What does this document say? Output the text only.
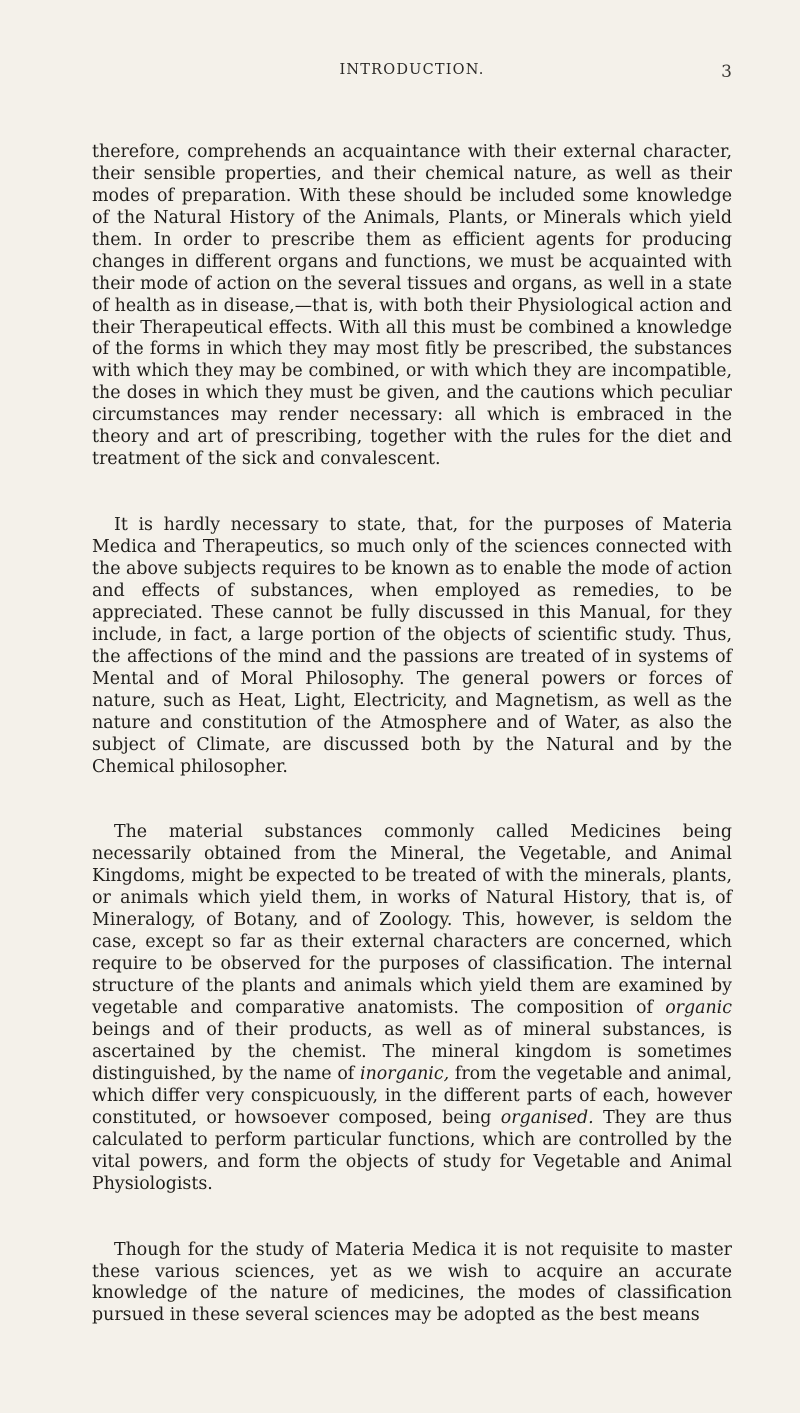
INTRODUCTION.	3

therefore, comprehends an acquaintance with their external character, their sensible properties, and their chemical nature, as well as their modes of preparation. With these should be included some knowledge of the Natural History of the Animals, Plants, or Minerals which yield them. In order to prescribe them as efficient agents for producing changes in different organs and functions, we must be acquainted with their mode of action on the several tissues and organs, as well in a state of health as in disease,—that is, with both their Physiological action and their Therapeutical effects. With all this must be combined a knowledge of the forms in which they may most fitly be prescribed, the substances with which they may be combined, or with which they are incompatible, the doses in which they must be given, and the cautions which peculiar circumstances may render necessary: all which is embraced in the theory and art of prescribing, together with the rules for the diet and treatment of the sick and convalescent.

It is hardly necessary to state, that, for the purposes of Materia Medica and Therapeutics, so much only of the sciences connected with the above subjects requires to be known as to enable the mode of action and effects of substances, when employed as remedies, to be appreciated. These cannot be fully discussed in this Manual, for they include, in fact, a large portion of the objects of scientific study. Thus, the affections of the mind and the passions are treated of in systems of Mental and of Moral Philosophy. The general powers or forces of nature, such as Heat, Light, Electricity, and Magnetism, as well as the nature and constitution of the Atmosphere and of Water, as also the subject of Climate, are discussed both by the Natural and by the Chemical philosopher.

The material substances commonly called Medicines being necessarily obtained from the Mineral, the Vegetable, and Animal Kingdoms, might be expected to be treated of with the minerals, plants, or animals which yield them, in works of Natural History, that is, of Mineralogy, of Botany, and of Zoology. This, however, is seldom the case, except so far as their external characters are concerned, which require to be observed for the purposes of classification. The internal structure of the plants and animals which yield them are examined by vegetable and comparative anatomists. The composition of organic beings and of their products, as well as of mineral substances, is ascertained by the chemist. The mineral kingdom is sometimes distinguished, by the name of inorganic, from the vegetable and animal, which differ very conspicuously, in the different parts of each, however constituted, or howsoever composed, being organised. They are thus calculated to perform particular functions, which are controlled by the vital powers, and form the objects of study for Vegetable and Animal Physiologists.

Though for the study of Materia Medica it is not requisite to master these various sciences, yet as we wish to acquire an accurate knowledge of the nature of medicines, the modes of classification pursued in these several sciences may be adopted as the best means
